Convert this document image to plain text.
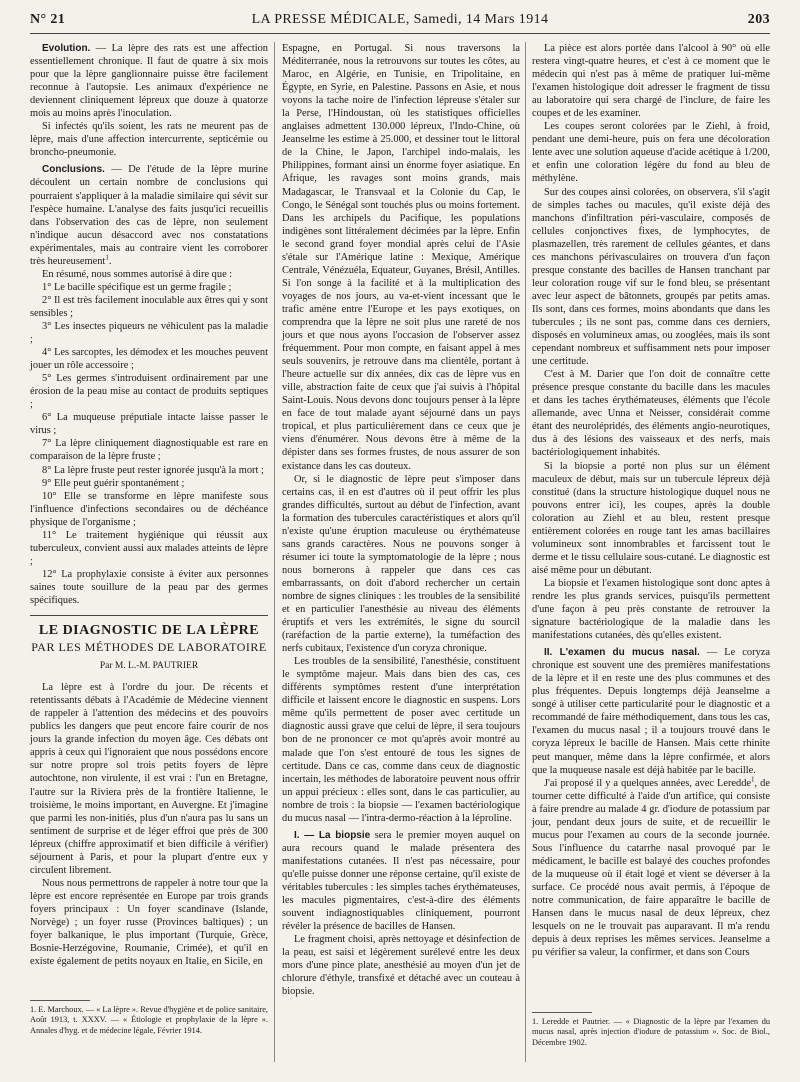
N° 21	LA PRESSE MÉDICALE, Samedi, 14 Mars 1914	203

Evolution. — La lèpre des rats est une affection essentiellement chronique. Il faut de quatre à six mois pour que la lèpre ganglionnaire puisse être facilement reconnue à l'autopsie. Les animaux d'expérience ne deviennent cliniquement lépreux que douze à quatorze mois au moins après l'inoculation.

Si infectés qu'ils soient, les rats ne meurent pas de lèpre, mais d'une affection intercurrente, septicémie ou broncho-pneumonie.

Conclusions. — De l'étude de la lèpre murine découlent un certain nombre de conclusions qui pourraient s'appliquer à la maladie similaire qui sévit sur l'espèce humaine. L'analyse des faits jusqu'ici recueillis dans l'observation des cas de lèpre, non seulement n'indique aucun désaccord avec nos constatations expérimentales, mais au contraire vient les corroborer très heureusement$^1$.

En résumé, nous sommes autorisé à dire que :

1° Le bacille spécifique est un germe fragile ;

2° Il est très facilement inoculable aux êtres qui y sont sensibles ;

3° Les insectes piqueurs ne véhiculent pas la maladie ;

4° Les sarcoptes, les démodex et les mouches peuvent jouer un rôle accessoire ;

5° Les germes s'introduisent ordinairement par une érosion de la peau mise au contact de produits septiques ;

6° La muqueuse préputiale intacte laisse passer le virus ;

7° La lèpre cliniquement diagnostiquable est rare en comparaison de la lèpre fruste ;

8° La lèpre fruste peut rester ignorée jusqu'à la mort ;

9° Elle peut guérir spontanément ;

10° Elle se transforme en lèpre manifeste sous l'influence d'infections secondaires ou de déchéance physique de l'organisme ;

11° Le traitement hygiénique qui réussit aux tuberculeux, convient aussi aux malades atteints de lèpre ;

12° La prophylaxie consiste à éviter aux personnes saines toute souillure de la peau par des germes spécifiques.

LE DIAGNOSTIC DE LA LÈPRE
PAR LES MÉTHODES DE LABORATOIRE
Par M. L.-M. PAUTRIER

La lèpre est à l'ordre du jour. De récents et retentissants débats à l'Académie de Médecine viennent de rappeler à l'attention des médecins et des pouvoirs publics les dangers que peut encore faire courir de nos jours la grande infection du moyen âge. Ces débats ont appris à ceux qui l'ignoraient que nous possédons encore sur notre propre sol trois petits foyers de lèpre autochtone, non virulente, il est vrai : l'un en Bretagne, l'autre sur la Riviera près de la frontière Italienne, le troisième, le moins important, en Auvergne. Et j'imagine que parmi les non-initiés, plus d'un n'aura pas lu sans un sentiment de surprise et de léger effroi que près de 300 lépreux (chiffre approximatif et bien difficile à vérifier) séjournent à Paris, et pour la plupart d'entre eux y circulent librement.

Nous nous permettrons de rappeler à notre tour que la lèpre est encore représentée en Europe par trois grands foyers principaux : Un foyer scandinave (Islande, Norvège) ; un foyer russe (Provinces baltiques) ; un foyer balkanique, le plus important (Turquie, Grèce, Bosnie-Herzégovine, Roumanie, Crimée), et qu'il en existe également de petits noyaux en Italie, en Sicile, en

1. E. Marchoux. — « La lèpre ». Revue d'hygiène et de police sanitaire, Août 1913, t. XXXV. — « Étiologie et prophylaxie de la lèpre ». Annales d'hyg. et de médecine légale, Février 1914.

Espagne, en Portugal. Si nous traversons la Méditerranée, nous la retrouvons sur toutes les côtes, au Maroc, en Algérie, en Tunisie, en Tripolitaine, en Égypte, en Syrie, en Palestine. Passons en Asie, et nous voyons la tache noire de l'infection lépreuse s'étaler sur la Perse, l'Hindoustan, où les statistiques officielles anglaises admettent 130.000 lépreux, l'Indo-Chine, où Jeanselme les estime à 25.000, et dessiner tout le littoral de la Chine, le Japon, l'archipel indo-malais, les Philippines, formant ainsi un énorme foyer asiatique. En Afrique, les ravages sont moins grands, mais Madagascar, le Transvaal et la Colonie du Cap, le Congo, le Sénégal sont touchés plus ou moins fortement. Dans les archipels du Pacifique, les populations indigènes sont littéralement décimées par la lèpre. Enfin le second grand foyer mondial après celui de l'Asie s'étale sur l'Amérique latine : Mexique, Amérique Centrale, Vénézuéla, Equateur, Guyanes, Brésil, Antilles. Si l'on songe à la facilité et à la multiplication des voyages de nos jours, au va-et-vient incessant que le trafic amène entre l'Europe et les pays exotiques, on comprendra que la lèpre ne soit plus une rareté de nos jours et que nous ayons l'occasion de l'observer assez fréquemment. Pour mon compte, en faisant appel à mes seuls souvenirs, je retrouve dans ma clientèle, portant à l'heure actuelle sur dix années, dix cas de lèpre vus en ville, abstraction faite de ceux que j'ai suivis à l'hôpital Saint-Louis. Nous devons donc toujours penser à la lèpre en face de tout malade ayant séjourné dans un pays tropical, et plus particulièrement dans ce ceux que je viens d'énumérer. Nous devons être à même de la dépister dans ses formes frustes, de nous assurer de son existance dans les cas douteux.

Or, si le diagnostic de lèpre peut s'imposer dans certains cas, il en est d'autres où il peut offrir les plus grandes difficultés, surtout au début de l'infection, avant la formation des tubercules caractéristiques et alors qu'il n'existe qu'une éruption maculeuse ou érythémateuse sans grands caractères. Nous ne pouvons songer à résumer ici toute la symptomatologie de la lèpre ; nous nous bornerons à rappeler que dans ces cas embarrassants, on doit d'abord rechercher un certain nombre de signes cliniques : les troubles de la sensibilité et en particulier l'anesthésie au niveau des éléments éruptifs et vers les extrémités, le signe du sourcil (raréfaction de la partie externe), la tuméfaction des nerfs cubitaux, l'existence d'un coryza chronique.

Les troubles de la sensibilité, l'anesthésie, constituent le symptôme majeur. Mais dans bien des cas, ces différents symptômes restent d'une interprétation difficile et laissent encore le diagnostic en suspens. Lors même qu'ils permettent de poser avec certitude un diagnostic aussi grave que celui de lèpre, il sera toujours bon de ne prononcer ce mot qu'après avoir montré au malade que l'on s'est entouré de tous les signes de certitude. Dans ce cas, comme dans ceux de diagnostic incertain, les méthodes de laboratoire peuvent nous offrir un appui précieux : elles sont, dans le cas particulier, au nombre de trois : la biopsie — l'examen bactériologique du mucus nasal — l'intra-dermo-réaction à la léproline.

I. — La biopsie sera le premier moyen auquel on aura recours quand le malade présentera des manifestations cutanées. Il n'est pas nécessaire, pour qu'elle puisse donner une réponse certaine, qu'il existe de véritables tubercules : les simples taches érythémateuses, les macules pigmentaires, c'est-à-dire des éléments souvent indiagnostiquables cliniquement, pourront révéler la présence de bacilles de Hansen.

Le fragment choisi, après nettoyage et désinfection de la peau, est saisi et légèrement surélevé entre les deux mors d'une pince plate, anesthésié au moyen d'un jet de chlorure d'éthyle, transfixé et détaché avec un couteau à biopsie.

La pièce est alors portée dans l'alcool à 90° où elle restera vingt-quatre heures, et c'est à ce moment que le médecin qui n'est pas à même de pratiquer lui-même l'examen histologique doit adresser le fragment de tissu au laboratoire qui sera chargé de l'inclure, de faire les coupes et de les examiner.

Les coupes seront colorées par le Ziehl, à froid, pendant une demi-heure, puis on fera une décoloration lente avec une solution aqueuse d'acide acétique à 1/200, et enfin une coloration légère du fond au bleu de méthylène.

Sur des coupes ainsi colorées, on observera, s'il s'agit de simples taches ou macules, qu'il existe déjà des manchons d'infiltration péri-vasculaire, composés de cellules conjonctives fixes, de lymphocytes, de plasmazellen, très rarement de cellules géantes, et dans ces manchons périvasculaires on trouvera d'un façon presque constante des bacilles de Hansen tranchant par leur coloration rouge vif sur le fond bleu, se présentant avec leur aspect de bâtonnets, groupés par petits amas. Ils sont, dans ces formes, moins abondants que dans les tubercules ; ils ne sont pas, comme dans ces derniers, disposés en volumineux amas, ou zooglées, mais ils sont cependant nombreux et suffisamment nets pour imposer une certitude.

C'est à M. Darier que l'on doit de connaître cette présence presque constante du bacille dans les macules et dans les taches érythémateuses, éléments que l'école allemande, avec Unna et Neisser, considérait comme étant des neurolépridés, des éléments angio-neurotiques, dus à des lésions des vaisseaux et des nerfs, mais bactériologiquement inhabités.

Si la biopsie a porté non plus sur un élément maculeux de début, mais sur un tubercule lépreux déjà constitué (dans la structure histologique duquel nous ne pouvons entrer ici), les coupes, après la double coloration au Ziehl et au bleu, restent presque entièrement colorées en rouge tant les amas bacillaires volumineux sont innombrables et farcissent tout le derme et le tissu cellulaire sous-cutané. Le diagnostic est aisé même pour un débutant.

La biopsie et l'examen histologique sont donc aptes à rendre les plus grands services, puisqu'ils permettent d'une façon à peu près constante de retrouver la signature bactériologique de la maladie dans les manifestations cutanées, dès qu'elles existent.

II. L'examen du mucus nasal. — Le coryza chronique est souvent une des premières manifestations de la lèpre et il en reste une des plus communes et des plus fréquentes. Depuis longtemps déjà Jeanselme a songé à utiliser cette particularité pour le diagnostic et a recommandé de faire méthodiquement, dans tous les cas, l'examen du mucus nasal ; il a toujours trouvé dans le coryza lépreux le bacille de Hansen. Mais cette rhinite peut manquer, même dans la lèpre confirmée, et alors que la muqueuse nasale est déjà habitée par le bacille.

J'ai proposé il y a quelques années, avec Leredde$^1$, de tourner cette difficulté à l'aide d'un artifice, qui consiste à faire prendre au malade 4 gr. d'iodure de potassium par jour, pendant deux jours de suite, et de recueillir le mucus pour l'examen au cours de la seconde journée. Sous l'influence du catarrhe nasal provoqué par le médicament, le bacille est balayé des couches profondes de la muqueuse où il était logé et vient se déverser à la surface. Ce procédé nous avait permis, à l'époque de notre communication, de faire apparaître le bacille de Hansen dans le mucus nasal de deux lépreux, chez lesquels on ne le trouvait pas auparavant. Il m'a rendu depuis à deux reprises les mêmes services. Jeanselme a pu vérifier sa valeur, la confirmer, et dans son Cours

1. Leredde et Pautrier. — « Diagnostic de la lèpre par l'examen du mucus nasal, après injection d'iodure de potassium ». Soc. de Biol., Décembre 1902.
